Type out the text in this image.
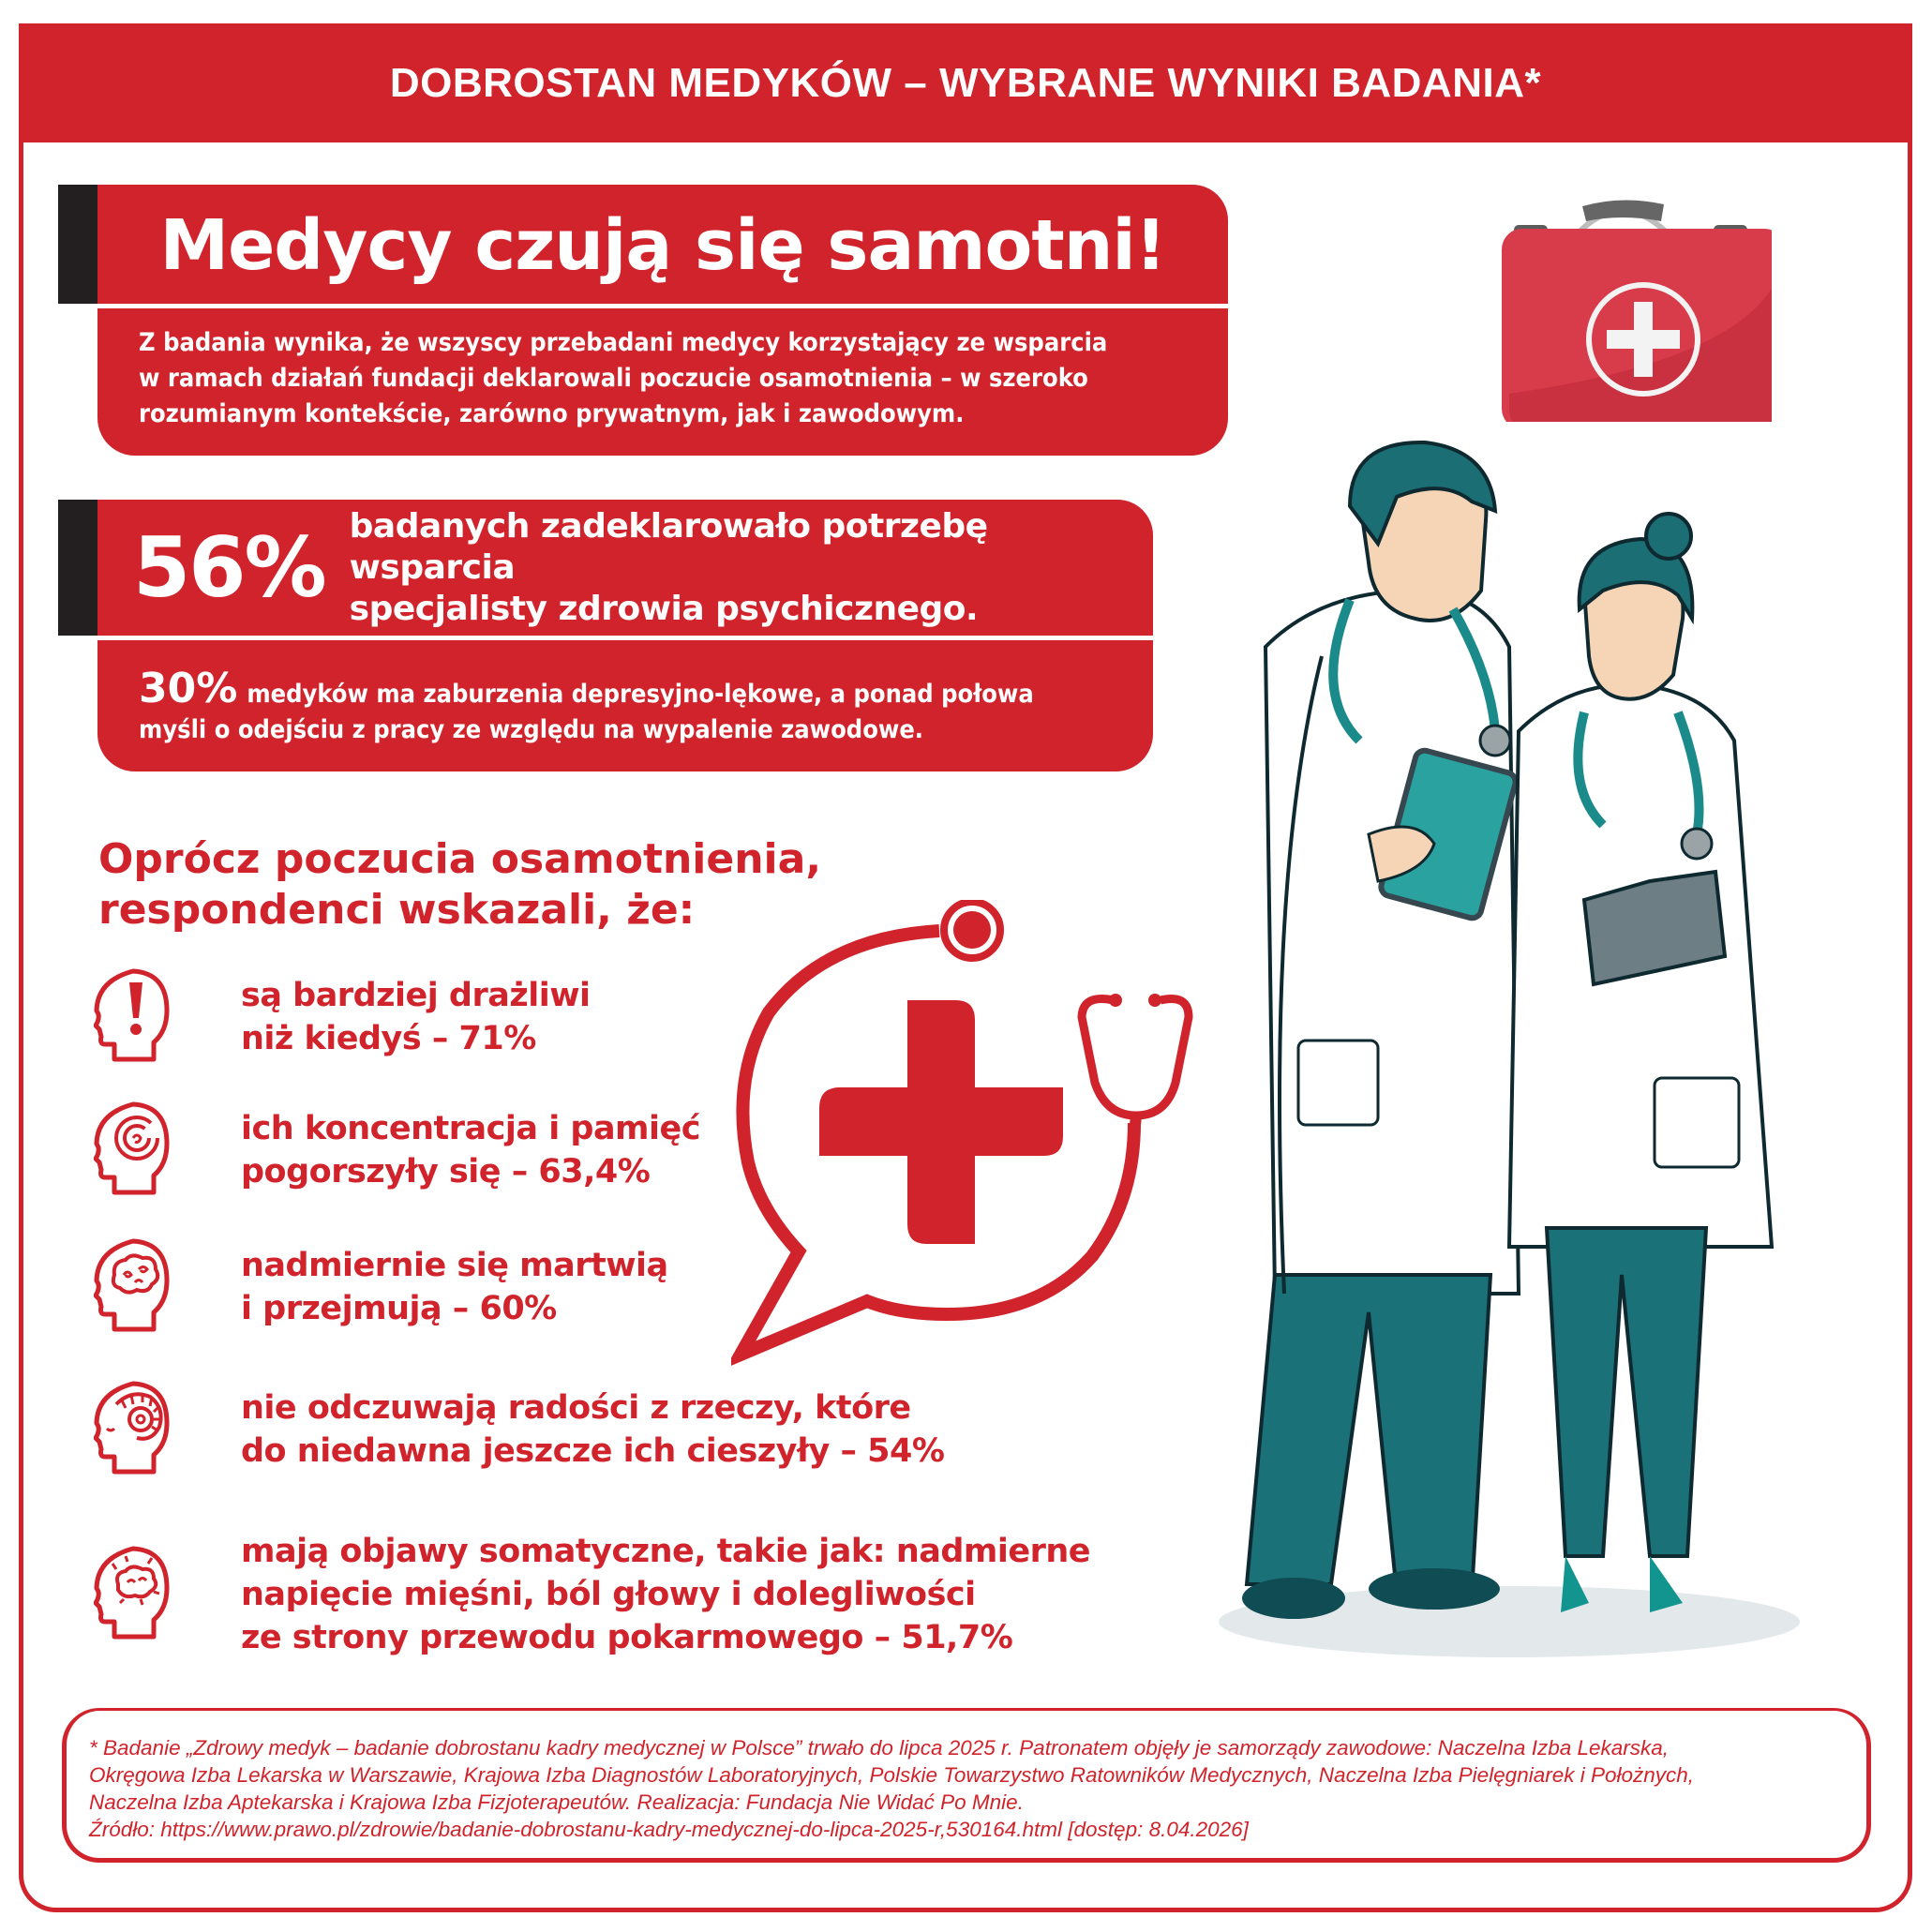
DOBROSTAN MEDYKÓW – WYBRANE WYNIKI BADANIA*
Medycy czują się samotni!
Z badania wynika, że wszyscy przebadani medycy korzystający ze wsparcia
w ramach działań fundacji deklarowali poczucie osamotnienia – w szeroko
rozumianym kontekście, zarówno prywatnym, jak i zawodowym.
56% badanych zadeklarowało potrzebę wsparcia
specjalisty zdrowia psychicznego.
30% medyków ma zaburzenia depresyjno-lękowe, a ponad połowa
myśli o odejściu z pracy ze względu na wypalenie zawodowe.
Oprócz poczucia osamotnienia,
respondenci wskazali, że:
są bardziej drażliwi
niż kiedyś – 71%
ich koncentracja i pamięć
pogorszyły się – 63,4%
nadmiernie się martwią
i przejmują – 60%
nie odczuwają radości z rzeczy, które
do niedawna jeszcze ich cieszyły – 54%
mają objawy somatyczne, takie jak: nadmierne
napięcie mięśni, ból głowy i dolegliwości
ze strony przewodu pokarmowego – 51,7%
* Badanie „Zdrowy medyk – badanie dobrostanu kadry medycznej w Polsce” trwało do lipca 2025 r. Patronatem objęły je samorządy zawodowe: Naczelna Izba Lekarska,
Okręgowa Izba Lekarska w Warszawie, Krajowa Izba Diagnostów Laboratoryjnych, Polskie Towarzystwo Ratowników Medycznych, Naczelna Izba Pielęgniarek i Położnych,
Naczelna Izba Aptekarska i Krajowa Izba Fizjoterapeutów. Realizacja: Fundacja Nie Widać Po Mnie.
Źródło: https://www.prawo.pl/zdrowie/badanie-dobrostanu-kadry-medycznej-do-lipca-2025-r,530164.html [dostęp: 8.04.2026]
